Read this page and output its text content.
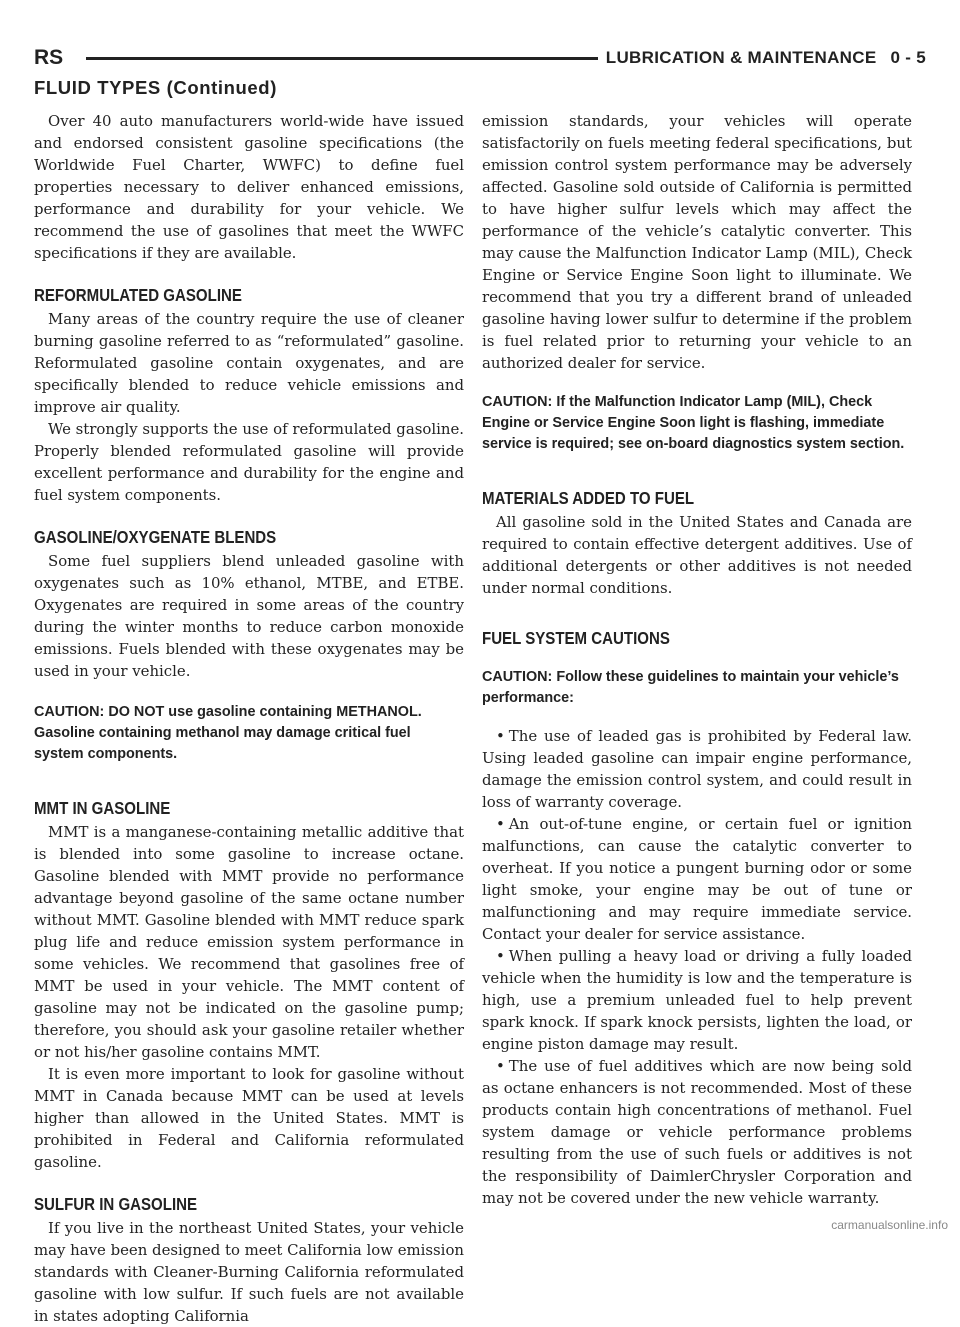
RS	LUBRICATION & MAINTENANCE 0 - 5
FLUID TYPES (Continued)

Over 40 auto manufacturers world-wide have issued and endorsed consistent gasoline specifications (the Worldwide Fuel Charter, WWFC) to define fuel properties necessary to deliver enhanced emissions, performance and durability for your vehicle. We recommend the use of gasolines that meet the WWFC specifications if they are available.

REFORMULATED GASOLINE

Many areas of the country require the use of cleaner burning gasoline referred to as “reformulated” gasoline. Reformulated gasoline contain oxygenates, and are specifically blended to reduce vehicle emissions and improve air quality.

We strongly supports the use of reformulated gasoline. Properly blended reformulated gasoline will provide excellent performance and durability for the engine and fuel system components.

GASOLINE/OXYGENATE BLENDS

Some fuel suppliers blend unleaded gasoline with oxygenates such as 10% ethanol, MTBE, and ETBE. Oxygenates are required in some areas of the country during the winter months to reduce carbon monoxide emissions. Fuels blended with these oxygenates may be used in your vehicle.

CAUTION: DO NOT use gasoline containing METHANOL. Gasoline containing methanol may damage critical fuel system components.

MMT IN GASOLINE

MMT is a manganese-containing metallic additive that is blended into some gasoline to increase octane. Gasoline blended with MMT provide no performance advantage beyond gasoline of the same octane number without MMT. Gasoline blended with MMT reduce spark plug life and reduce emission system performance in some vehicles. We recommend that gasolines free of MMT be used in your vehicle. The MMT content of gasoline may not be indicated on the gasoline pump; therefore, you should ask your gasoline retailer whether or not his/her gasoline contains MMT.

It is even more important to look for gasoline without MMT in Canada because MMT can be used at levels higher than allowed in the United States. MMT is prohibited in Federal and California reformulated gasoline.

SULFUR IN GASOLINE

If you live in the northeast United States, your vehicle may have been designed to meet California low emission standards with Cleaner-Burning California reformulated gasoline with low sulfur. If such fuels are not available in states adopting California

emission standards, your vehicles will operate satisfactorily on fuels meeting federal specifications, but emission control system performance may be adversely affected. Gasoline sold outside of California is permitted to have higher sulfur levels which may affect the performance of the vehicle’s catalytic converter. This may cause the Malfunction Indicator Lamp (MIL), Check Engine or Service Engine Soon light to illuminate. We recommend that you try a different brand of unleaded gasoline having lower sulfur to determine if the problem is fuel related prior to returning your vehicle to an authorized dealer for service.

CAUTION: If the Malfunction Indicator Lamp (MIL), Check Engine or Service Engine Soon light is flashing, immediate service is required; see on-board diagnostics system section.

MATERIALS ADDED TO FUEL

All gasoline sold in the United States and Canada are required to contain effective detergent additives. Use of additional detergents or other additives is not needed under normal conditions.

FUEL SYSTEM CAUTIONS

CAUTION: Follow these guidelines to maintain your vehicle’s performance:

• The use of leaded gas is prohibited by Federal law. Using leaded gasoline can impair engine performance, damage the emission control system, and could result in loss of warranty coverage.

• An out-of-tune engine, or certain fuel or ignition malfunctions, can cause the catalytic converter to overheat. If you notice a pungent burning odor or some light smoke, your engine may be out of tune or malfunctioning and may require immediate service. Contact your dealer for service assistance.

• When pulling a heavy load or driving a fully loaded vehicle when the humidity is low and the temperature is high, use a premium unleaded fuel to help prevent spark knock. If spark knock persists, lighten the load, or engine piston damage may result.

• The use of fuel additives which are now being sold as octane enhancers is not recommended. Most of these products contain high concentrations of methanol. Fuel system damage or vehicle performance problems resulting from the use of such fuels or additives is not the responsibility of DaimlerChrysler Corporation and may not be covered under the new vehicle warranty.

carmanualsonline.info
